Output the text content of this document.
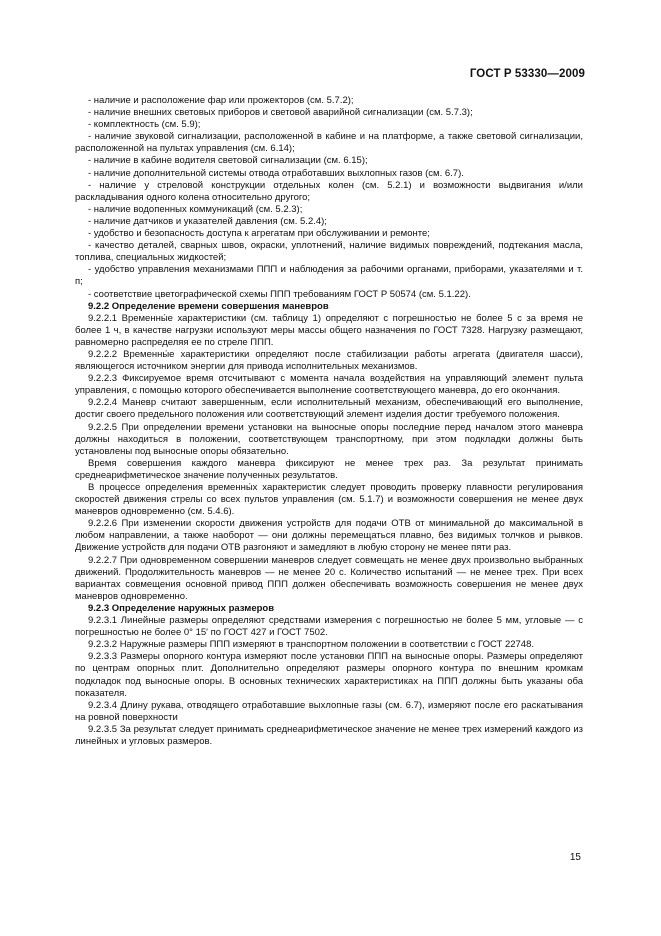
ГОСТ Р 53330—2009

- наличие и расположение фар или прожекторов (см. 5.7.2);

- наличие внешних световых приборов и световой аварийной сигнализации (см. 5.7.3);

- комплектность (см. 5.9);

- наличие звуковой сигнализации, расположенной в кабине и на платформе, а также световой сигнализации, расположенной на пультах управления (см. 6.14);

- наличие в кабине водителя световой сигнализации (см. 6.15);

- наличие дополнительной системы отвода отработавших выхлопных газов (см. 6.7).

- наличие у стреловой конструкции отдельных колен (см. 5.2.1) и возможности выдвигания и/или раскладывания одного колена относительно другого;

- наличие водопенных коммуникаций (см. 5.2.3);

- наличие датчиков и указателей давления (см. 5.2.4);

- удобство и безопасность доступа к агрегатам при обслуживании и ремонте;

- качество деталей, сварных швов, окраски, уплотнений, наличие видимых повреждений, подтекания масла, топлива, специальных жидкостей;

- удобство управления механизмами ППП и наблюдения за рабочими органами, приборами, указателями и т. п;

- соответствие цветографической схемы ППП требованиям ГОСТ Р 50574 (см. 5.1.22).

9.2.2 Определение времени совершения маневров

9.2.2.1 Временны́е характеристики (см. таблицу 1) определяют с погрешностью не более 5 с за время не более 1 ч, в качестве нагрузки используют меры массы общего назначения по ГОСТ 7328. Нагрузку размещают, равномерно распределяя ее по стреле ППП.

9.2.2.2 Временны́е характеристики определяют после стабилизации работы агрегата (двигателя шасси), являющегося источником энергии для привода исполнительных механизмов.

9.2.2.3 Фиксируемое время отсчитывают с момента начала воздействия на управляющий элемент пульта управления, с помощью которого обеспечивается выполнение соответствующего маневра, до его окончания.

9.2.2.4 Маневр считают завершенным, если исполнительный механизм, обеспечивающий его выполнение, достиг своего предельного положения или соответствующий элемент изделия достиг требуемого положения.

9.2.2.5 При определении времени установки на выносные опоры последние перед началом этого маневра должны находиться в положении, соответствующем транспортному, при этом подкладки должны быть установлены под выносные опоры обязательно.

Время совершения каждого маневра фиксируют не менее трех раз. За результат принимать среднеарифметическое значение полученных результатов.

В процессе определения временны́х характеристик следует проводить проверку плавности регулирования скоростей движения стрелы со всех пультов управления (см. 5.1.7) и возможности совершения не менее двух маневров одновременно (см. 5.4.6).

9.2.2.6 При изменении скорости движения устройств для подачи ОТВ от минимальной до максимальной в любом направлении, а также наоборот — они должны перемещаться плавно, без видимых толчков и рывков. Движение устройств для подачи ОТВ разгоняют и замедляют в любую сторону не менее пяти раз.

9.2.2.7 При одновременном совершении маневров следует совмещать не менее двух произвольно выбранных движений. Продолжительность маневров — не менее 20 с. Количество испытаний — не менее трех. При всех вариантах совмещения основной привод ППП должен обеспечивать возможность совершения не менее двух маневров одновременно.

9.2.3 Определение наружных размеров

9.2.3.1 Линейные размеры определяют средствами измерения с погрешностью не более 5 мм, угловые — с погрешностью не более 0° 15′ по ГОСТ 427 и ГОСТ 7502.

9.2.3.2 Наружные размеры ППП измеряют в транспортном положении в соответствии с ГОСТ 22748.

9.2.3.3 Размеры опорного контура измеряют после установки ППП на выносные опоры. Размеры определяют по центрам опорных плит. Дополнительно определяют размеры опорного контура по внешним кромкам подкладок под выносные опоры. В основных технических характеристиках на ППП должны быть указаны оба показателя.

9.2.3.4 Длину рукава, отводящего отработавшие выхлопные газы (см. 6.7), измеряют после его раскатывания на ровной поверхности

9.2.3.5 За результат следует принимать среднеарифметическое значение не менее трех измерений каждого из линейных и угловых размеров.

15
